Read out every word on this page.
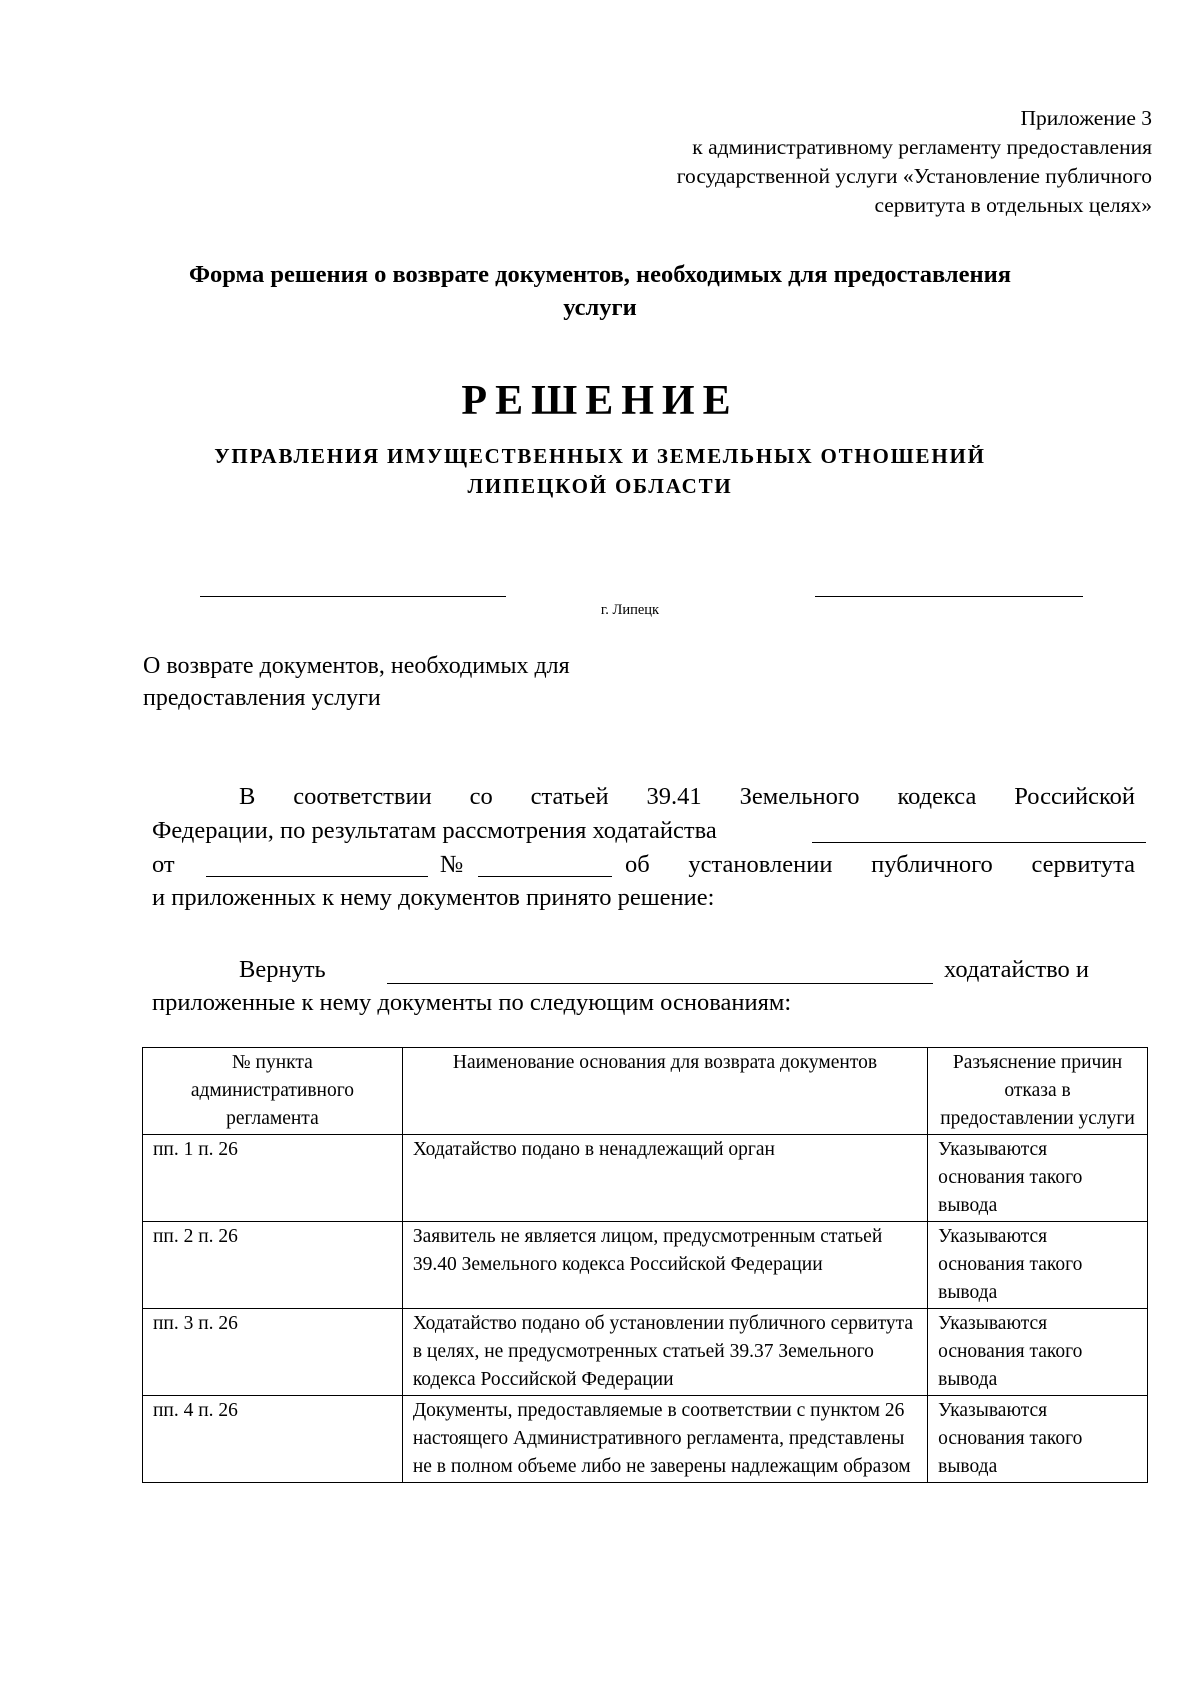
Приложение 3
к административному регламенту предоставления
государственной услуги «Установление публичного
сервитута в отдельных целях»
Форма решения о возврате документов, необходимых для предоставления
услуги
РЕШЕНИЕ
УПРАВЛЕНИЯ ИМУЩЕСТВЕННЫХ И ЗЕМЕЛЬНЫХ ОТНОШЕНИЙ
ЛИПЕЦКОЙ ОБЛАСТИ
г. Липецк
О возврате документов, необходимых для
предоставления услуги
В соответствии со статьей 39.41 Земельного кодекса Российской
Федерации, по результатам рассмотрения ходатайства
от	№	об установлении публичного сервитута
и приложенных к нему документов принято решение:
Вернуть	ходатайство и
приложенные к нему документы по следующим основаниям:
№ пункта административного регламента	Наименование основания для возврата документов	Разъяснение причин отказа в предоставлении услуги
пп. 1 п. 26	Ходатайство подано в ненадлежащий орган	Указываются основания такого вывода
пп. 2 п. 26	Заявитель не является лицом, предусмотренным статьей 39.40 Земельного кодекса Российской Федерации	Указываются основания такого вывода
пп. 3 п. 26	Ходатайство подано об установлении публичного сервитута в целях, не предусмотренных статьей 39.37 Земельного кодекса Российской Федерации	Указываются основания такого вывода
пп. 4 п. 26	Документы, предоставляемые в соответствии с пунктом 26 настоящего Административного регламента, представлены не в полном объеме либо не заверены надлежащим образом	Указываются основания такого вывода
